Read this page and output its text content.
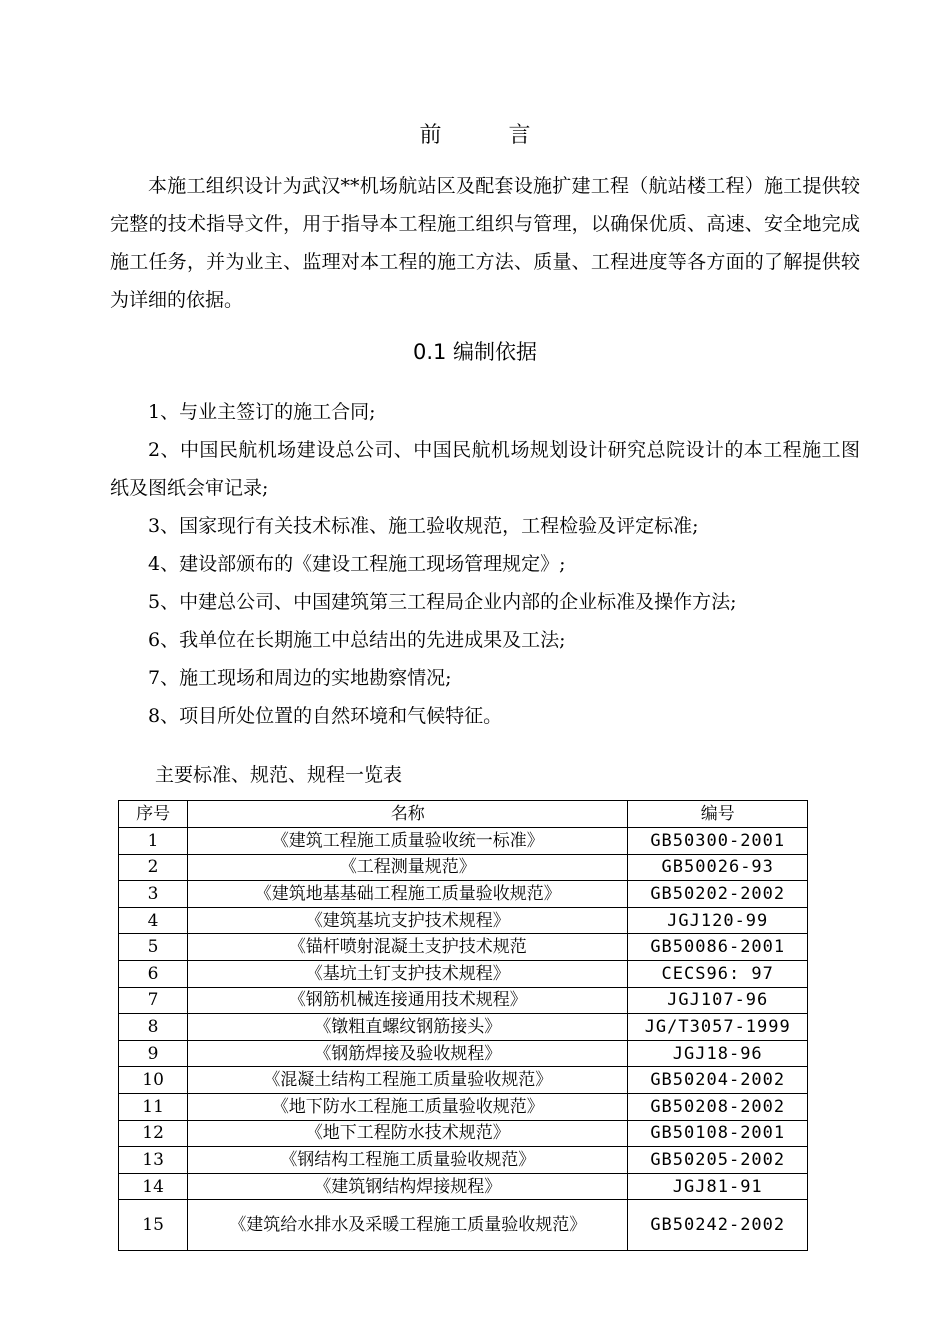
前 言

本施工组织设计为武汉**机场航站区及配套设施扩建工程（航站楼工程）施工提供较完整的技术指导文件，用于指导本工程施工组织与管理，以确保优质、高速、安全地完成施工任务，并为业主、监理对本工程的施工方法、质量、工程进度等各方面的了解提供较为详细的依据。

0.1 编制依据

1、与业主签订的施工合同;

2、中国民航机场建设总公司、中国民航机场规划设计研究总院设计的本工程施工图纸及图纸会审记录;

3、国家现行有关技术标准、施工验收规范，工程检验及评定标准;

4、建设部颁布的《建设工程施工现场管理规定》;

5、中建总公司、中国建筑第三工程局企业内部的企业标准及操作方法;

6、我单位在长期施工中总结出的先进成果及工法;

7、施工现场和周边的实地勘察情况;

8、项目所处位置的自然环境和气候特征。

主要标准、规范、规程一览表
序号	名称	编号
1	《建筑工程施工质量验收统一标准》	GB50300-2001
2	《工程测量规范》	GB50026-93
3	《建筑地基基础工程施工质量验收规范》	GB50202-2002
4	《建筑基坑支护技术规程》	JGJ120-99
5	《锚杆喷射混凝土支护技术规范	GB50086-2001
6	《基坑土钉支护技术规程》	CECS96: 97
7	《钢筋机械连接通用技术规程》	JGJ107-96
8	《镦粗直螺纹钢筋接头》	JG/T3057-1999
9	《钢筋焊接及验收规程》	JGJ18-96
10	《混凝土结构工程施工质量验收规范》	GB50204-2002
11	《地下防水工程施工质量验收规范》	GB50208-2002
12	《地下工程防水技术规范》	GB50108-2001
13	《钢结构工程施工质量验收规范》	GB50205-2002
14	《建筑钢结构焊接规程》	JGJ81-91
15	《建筑给水排水及采暖工程施工质量验收规范》	GB50242-2002
